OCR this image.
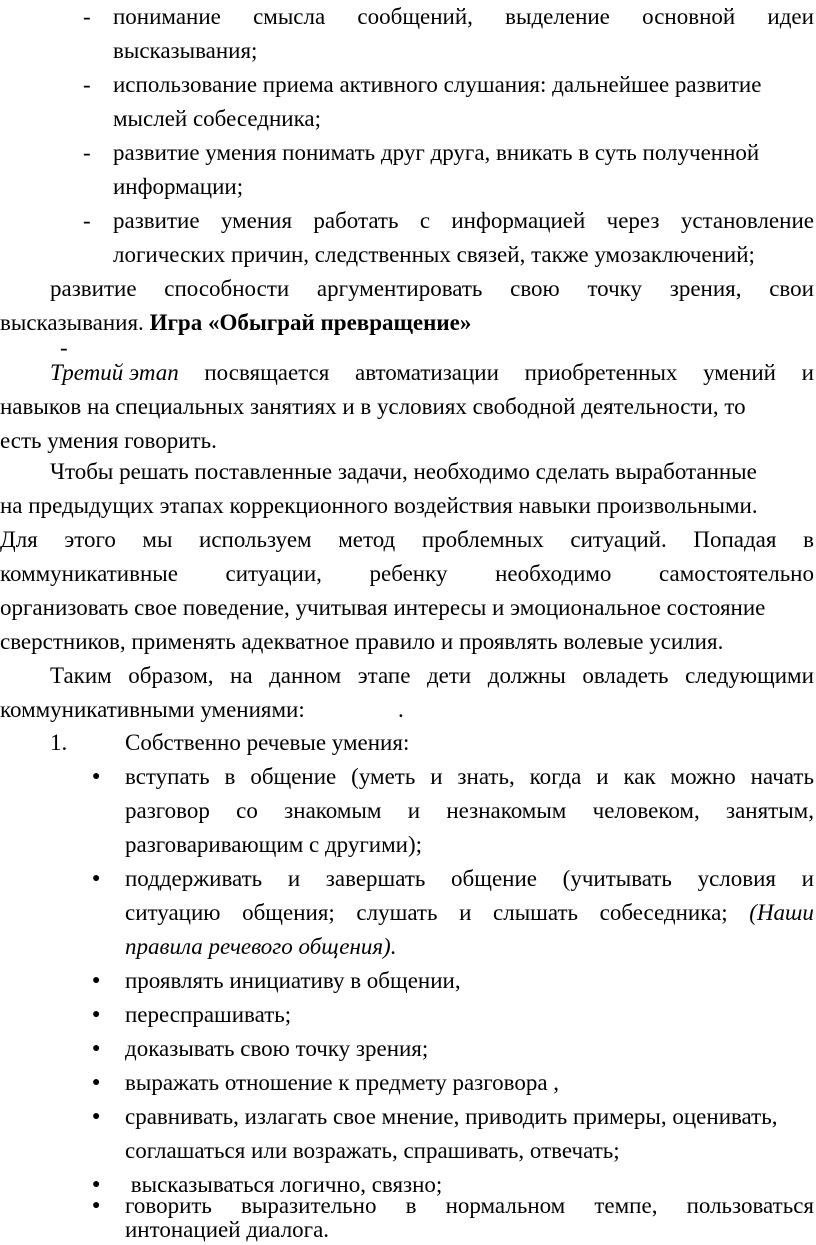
- понимание смысла сообщений, выделение основной идеи
высказывания;
- использование приема активного слушания: дальнейшее развитие
мыслей собеседника;
- развитие умения понимать друг друга, вникать в суть полученной
информации;
- развитие умения работать с информацией через установление
логических причин, следственных связей, также умозаключений;
развитие способности аргументировать свою точку зрения, свои
высказывания. Игра «Обыграй превращение»
-
Третий этап посвящается автоматизации приобретенных умений и
навыков на специальных занятиях и в условиях свободной деятельности, то
есть умения говорить.
Чтобы решать поставленные задачи, необходимо сделать выработанные
на предыдущих этапах коррекционного воздействия навыки произвольными.
Для этого мы используем метод проблемных ситуаций. Попадая в
коммуникативные ситуации, ребенку необходимо самостоятельно
организовать свое поведение, учитывая интересы и эмоциональное состояние
сверстников, применять адекватное правило и проявлять волевые усилия.
Таким образом, на данном этапе дети должны овладеть следующими
коммуникативными умениями:	.
1.	Собственно речевые умения:
● вступать в общение (уметь и знать, когда и как можно начать
разговор со знакомым и незнакомым человеком, занятым,
разговаривающим с другими);
● поддерживать и завершать общение (учитывать условия и
ситуацию общения; слушать и слышать собеседника; (Наши
правила речевого общения).
● проявлять инициативу в общении,
● переспрашивать;
● доказывать свою точку зрения;
● выражать отношение к предмету разговора ,
● сравнивать, излагать свое мнение, приводить примеры, оценивать,
соглашаться или возражать, спрашивать, отвечать;
● высказываться логично, связно;
● говорить выразительно в нормальном темпе, пользоваться
интонацией диалога.
